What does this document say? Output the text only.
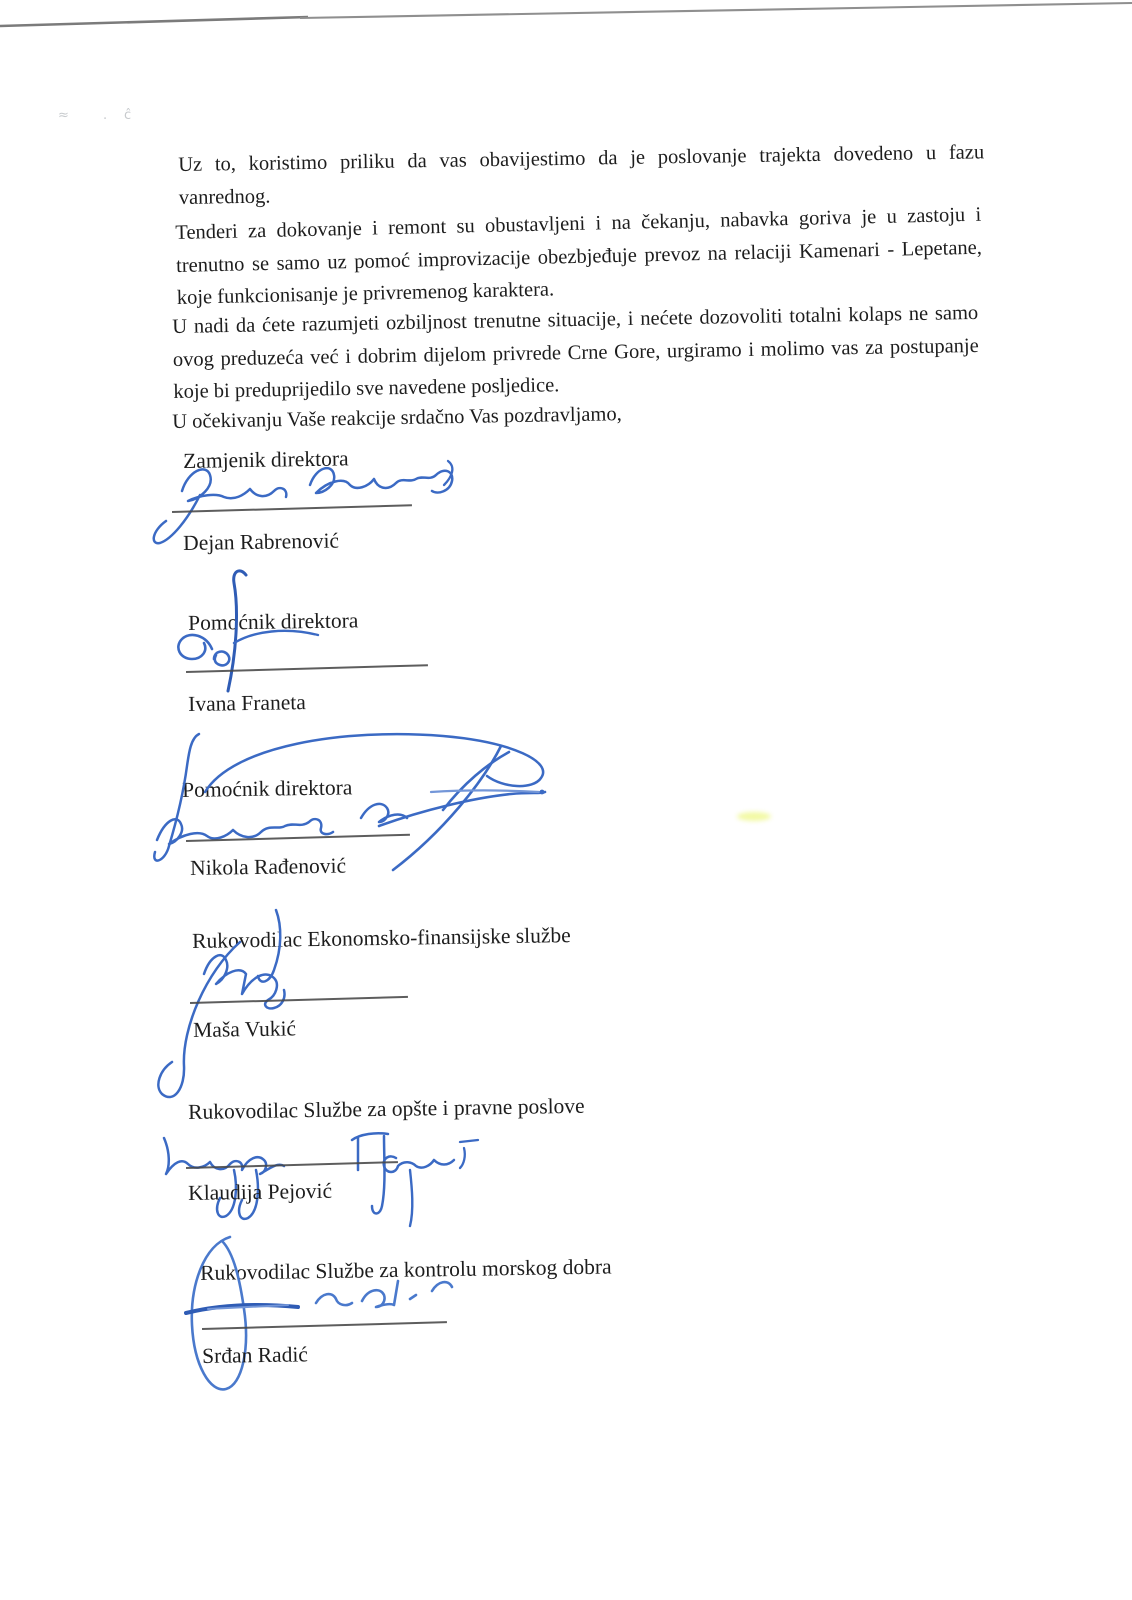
≈	· ĉ
Uz to, koristimo priliku da vas obavijestimo da je poslovanje trajekta dovedeno u fazu
vanrednog.
Tenderi za dokovanje i remont su obustavljeni i na čekanju, nabavka goriva je u zastoju i
trenutno se samo uz pomoć improvizacije obezbjeđuje prevoz na relaciji Kamenari - Lepetane,
koje funkcionisanje je privremenog karaktera.
U nadi da ćete razumjeti ozbiljnost trenutne situacije, i nećete dozovoliti totalni kolaps ne samo
ovog preduzeća već i dobrim dijelom privrede Crne Gore, urgiramo i molimo vas za postupanje
koje bi preduprijedilo sve navedene posljedice.
U očekivanju Vaše reakcije srdačno Vas pozdravljamo,
Zamjenik direktora
Dejan Rabrenović
Pomoćnik direktora
Ivana Franeta
Pomoćnik direktora
Nikola Rađenović
Rukovodilac Ekonomsko-finansijske službe
Maša Vukić
Rukovodilac Službe za opšte i pravne poslove
Klaudija Pejović
Rukovodilac Službe za kontrolu morskog dobra
Srđan Radić
